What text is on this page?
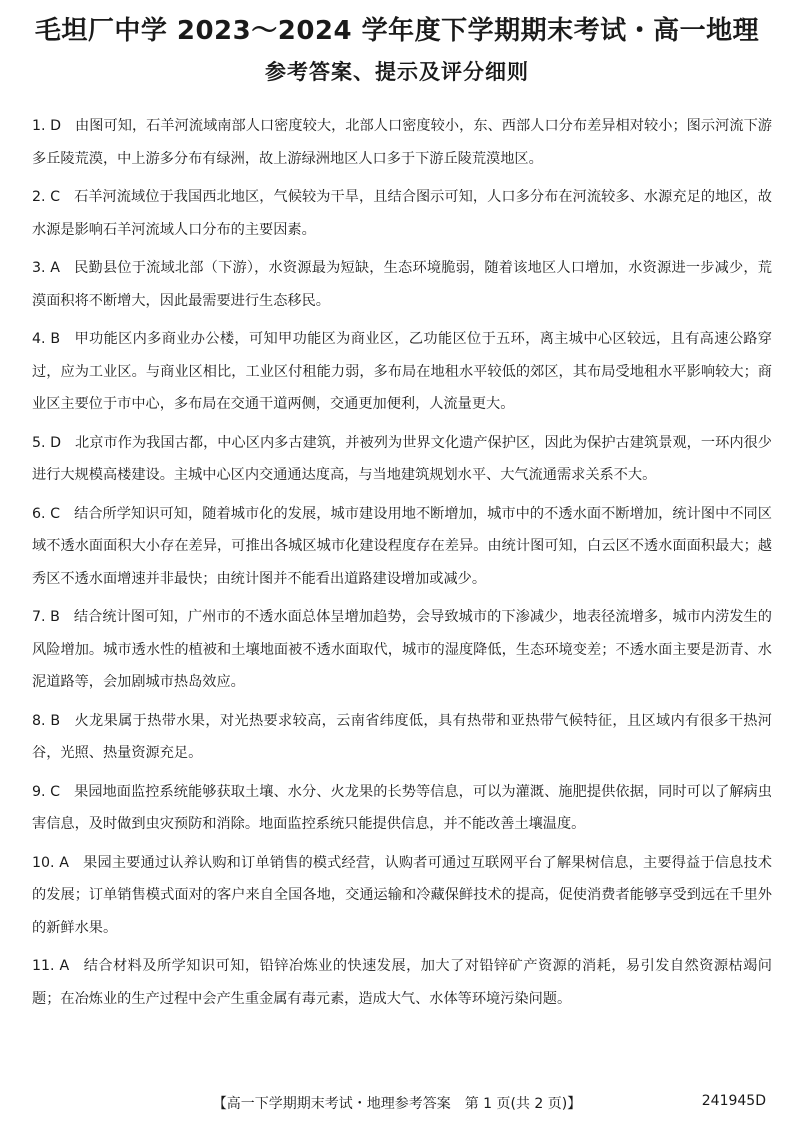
毛坦厂中学 2023～2024 学年度下学期期末考试・高一地理
参考答案、提示及评分细则

1. D 由图可知，石羊河流域南部人口密度较大，北部人口密度较小，东、西部人口分布差异相对较小；图示河流下游多丘陵荒漠，中上游多分布有绿洲，故上游绿洲地区人口多于下游丘陵荒漠地区。

2. C 石羊河流域位于我国西北地区，气候较为干旱，且结合图示可知，人口多分布在河流较多、水源充足的地区，故水源是影响石羊河流域人口分布的主要因素。

3. A 民勤县位于流域北部（下游），水资源最为短缺，生态环境脆弱，随着该地区人口增加，水资源进一步减少，荒漠面积将不断增大，因此最需要进行生态移民。

4. B 甲功能区内多商业办公楼，可知甲功能区为商业区，乙功能区位于五环，离主城中心区较远，且有高速公路穿过，应为工业区。与商业区相比，工业区付租能力弱，多布局在地租水平较低的郊区，其布局受地租水平影响较大；商业区主要位于市中心，多布局在交通干道两侧，交通更加便利，人流量更大。

5. D 北京市作为我国古都，中心区内多古建筑，并被列为世界文化遗产保护区，因此为保护古建筑景观，一环内很少进行大规模高楼建设。主城中心区内交通通达度高，与当地建筑规划水平、大气流通需求关系不大。

6. C 结合所学知识可知，随着城市化的发展，城市建设用地不断增加，城市中的不透水面不断增加，统计图中不同区域不透水面面积大小存在差异，可推出各城区城市化建设程度存在差异。由统计图可知，白云区不透水面面积最大；越秀区不透水面增速并非最快；由统计图并不能看出道路建设增加或减少。

7. B 结合统计图可知，广州市的不透水面总体呈增加趋势，会导致城市的下渗减少，地表径流增多，城市内涝发生的风险增加。城市透水性的植被和土壤地面被不透水面取代，城市的湿度降低，生态环境变差；不透水面主要是沥青、水泥道路等，会加剧城市热岛效应。

8. B 火龙果属于热带水果，对光热要求较高，云南省纬度低，具有热带和亚热带气候特征，且区域内有很多干热河谷，光照、热量资源充足。

9. C 果园地面监控系统能够获取土壤、水分、火龙果的长势等信息，可以为灌溉、施肥提供依据，同时可以了解病虫害信息，及时做到虫灾预防和消除。地面监控系统只能提供信息，并不能改善土壤温度。

10. A 果园主要通过认养认购和订单销售的模式经营，认购者可通过互联网平台了解果树信息，主要得益于信息技术的发展；订单销售模式面对的客户来自全国各地，交通运输和冷藏保鲜技术的提高，促使消费者能够享受到远在千里外的新鲜水果。

11. A 结合材料及所学知识可知，铅锌冶炼业的快速发展，加大了对铅锌矿产资源的消耗，易引发自然资源枯竭问题；在冶炼业的生产过程中会产生重金属有毒元素，造成大气、水体等环境污染问题。

【高一下学期期末考试・地理参考答案　第 1 页(共 2 页)】	241945D
